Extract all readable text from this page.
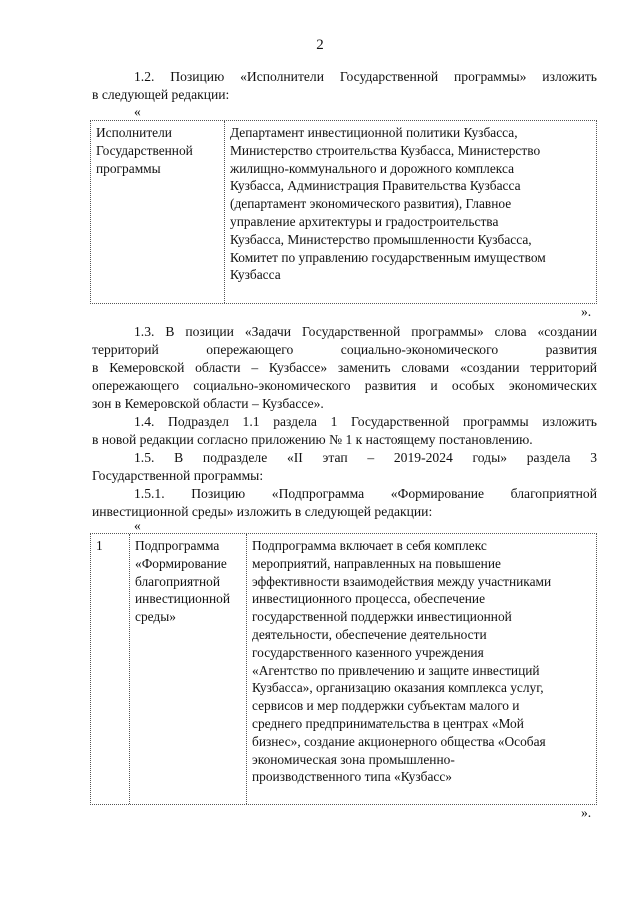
2
1.2. Позицию «Исполнители Государственной программы» изложить
в следующей редакции:
«
Исполнители
Государственной
программы
Департамент инвестиционной политики Кузбасса,
Министерство строительства Кузбасса, Министерство
жилищно-коммунального и дорожного комплекса
Кузбасса, Администрация Правительства Кузбасса
(департамент экономического развития), Главное
управление архитектуры и градостроительства
Кузбасса, Министерство промышленности Кузбасса,
Комитет по управлению государственным имуществом
Кузбасса
».
1.3. В позиции «Задачи Государственной программы» слова «создании
территорий опережающего социально-экономического развития
в Кемеровской области – Кузбассе» заменить словами «создании территорий
опережающего социально-экономического развития и особых экономических
зон в Кемеровской области – Кузбассе».
1.4. Подраздел 1.1 раздела 1 Государственной программы изложить
в новой редакции согласно приложению № 1 к настоящему постановлению.
1.5. В подразделе «II этап – 2019-2024 годы» раздела 3
Государственной программы:
1.5.1. Позицию «Подпрограмма «Формирование благоприятной
инвестиционной среды» изложить в следующей редакции:
«
1	Подпрограмма
«Формирование
благоприятной
инвестиционной
среды»
Подпрограмма включает в себя комплекс
мероприятий, направленных на повышение
эффективности взаимодействия между участниками
инвестиционного процесса, обеспечение
государственной поддержки инвестиционной
деятельности, обеспечение деятельности
государственного казенного учреждения
«Агентство по привлечению и защите инвестиций
Кузбасса», организацию оказания комплекса услуг,
сервисов и мер поддержки субъектам малого и
среднего предпринимательства в центрах «Мой
бизнес», создание акционерного общества «Особая
экономическая зона промышленно-
производственного типа «Кузбасс»
».
